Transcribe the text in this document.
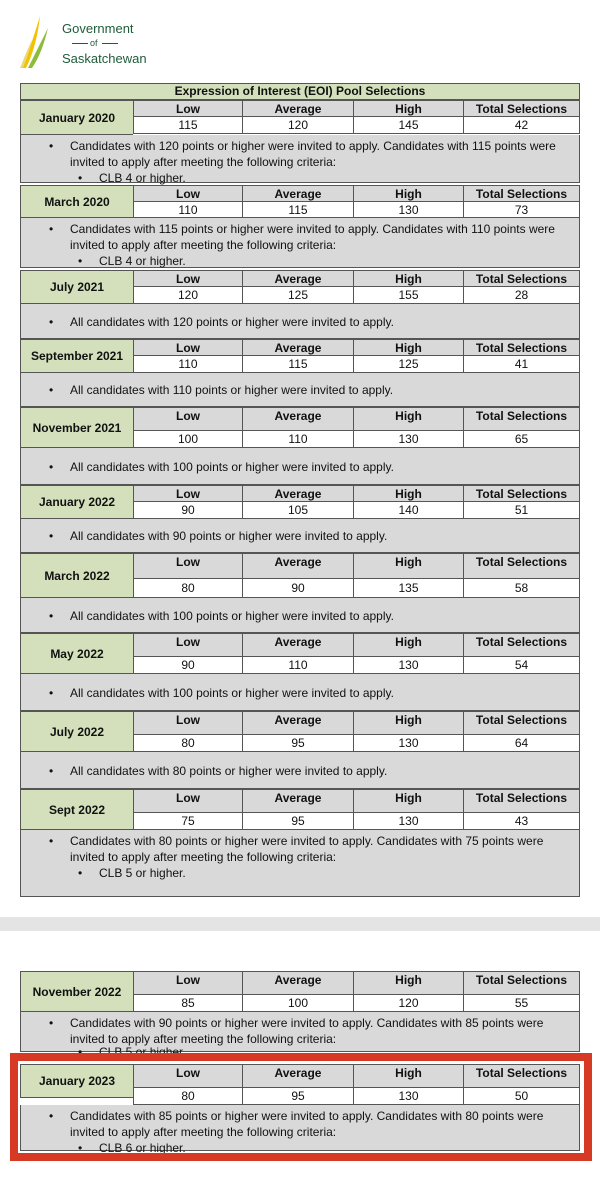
Government
of
Saskatchewan
Expression of Interest (EOI) Pool Selections
January 2020
Low	Average	High	Total Selections
115	120	145	42
• Candidates with 120 points or higher were invited to apply. Candidates with 115 points were invited to apply after meeting the following criteria:
• CLB 4 or higher.
March 2020
Low	Average	High	Total Selections
110	115	130	73
• Candidates with 115 points or higher were invited to apply. Candidates with 110 points were invited to apply after meeting the following criteria:
• CLB 4 or higher.
July 2021
Low	Average	High	Total Selections
120	125	155	28
• All candidates with 120 points or higher were invited to apply.
September 2021
Low	Average	High	Total Selections
110	115	125	41
• All candidates with 110 points or higher were invited to apply.
November 2021
Low	Average	High	Total Selections
100	110	130	65
• All candidates with 100 points or higher were invited to apply.
January 2022
Low	Average	High	Total Selections
90	105	140	51
• All candidates with 90 points or higher were invited to apply.
March 2022
Low	Average	High	Total Selections
80	90	135	58
• All candidates with 100 points or higher were invited to apply.
May 2022
Low	Average	High	Total Selections
90	110	130	54
• All candidates with 100 points or higher were invited to apply.
July 2022
Low	Average	High	Total Selections
80	95	130	64
• All candidates with 80 points or higher were invited to apply.
Sept 2022
Low	Average	High	Total Selections
75	95	130	43
• Candidates with 80 points or higher were invited to apply. Candidates with 75 points were invited to apply after meeting the following criteria:
• CLB 5 or higher.
November 2022
Low	Average	High	Total Selections
85	100	120	55
• Candidates with 90 points or higher were invited to apply. Candidates with 85 points were invited to apply after meeting the following criteria:
• CLB 5 or higher.
January 2023
Low	Average	High	Total Selections
80	95	130	50
• Candidates with 85 points or higher were invited to apply. Candidates with 80 points were invited to apply after meeting the following criteria:
• CLB 6 or higher.
